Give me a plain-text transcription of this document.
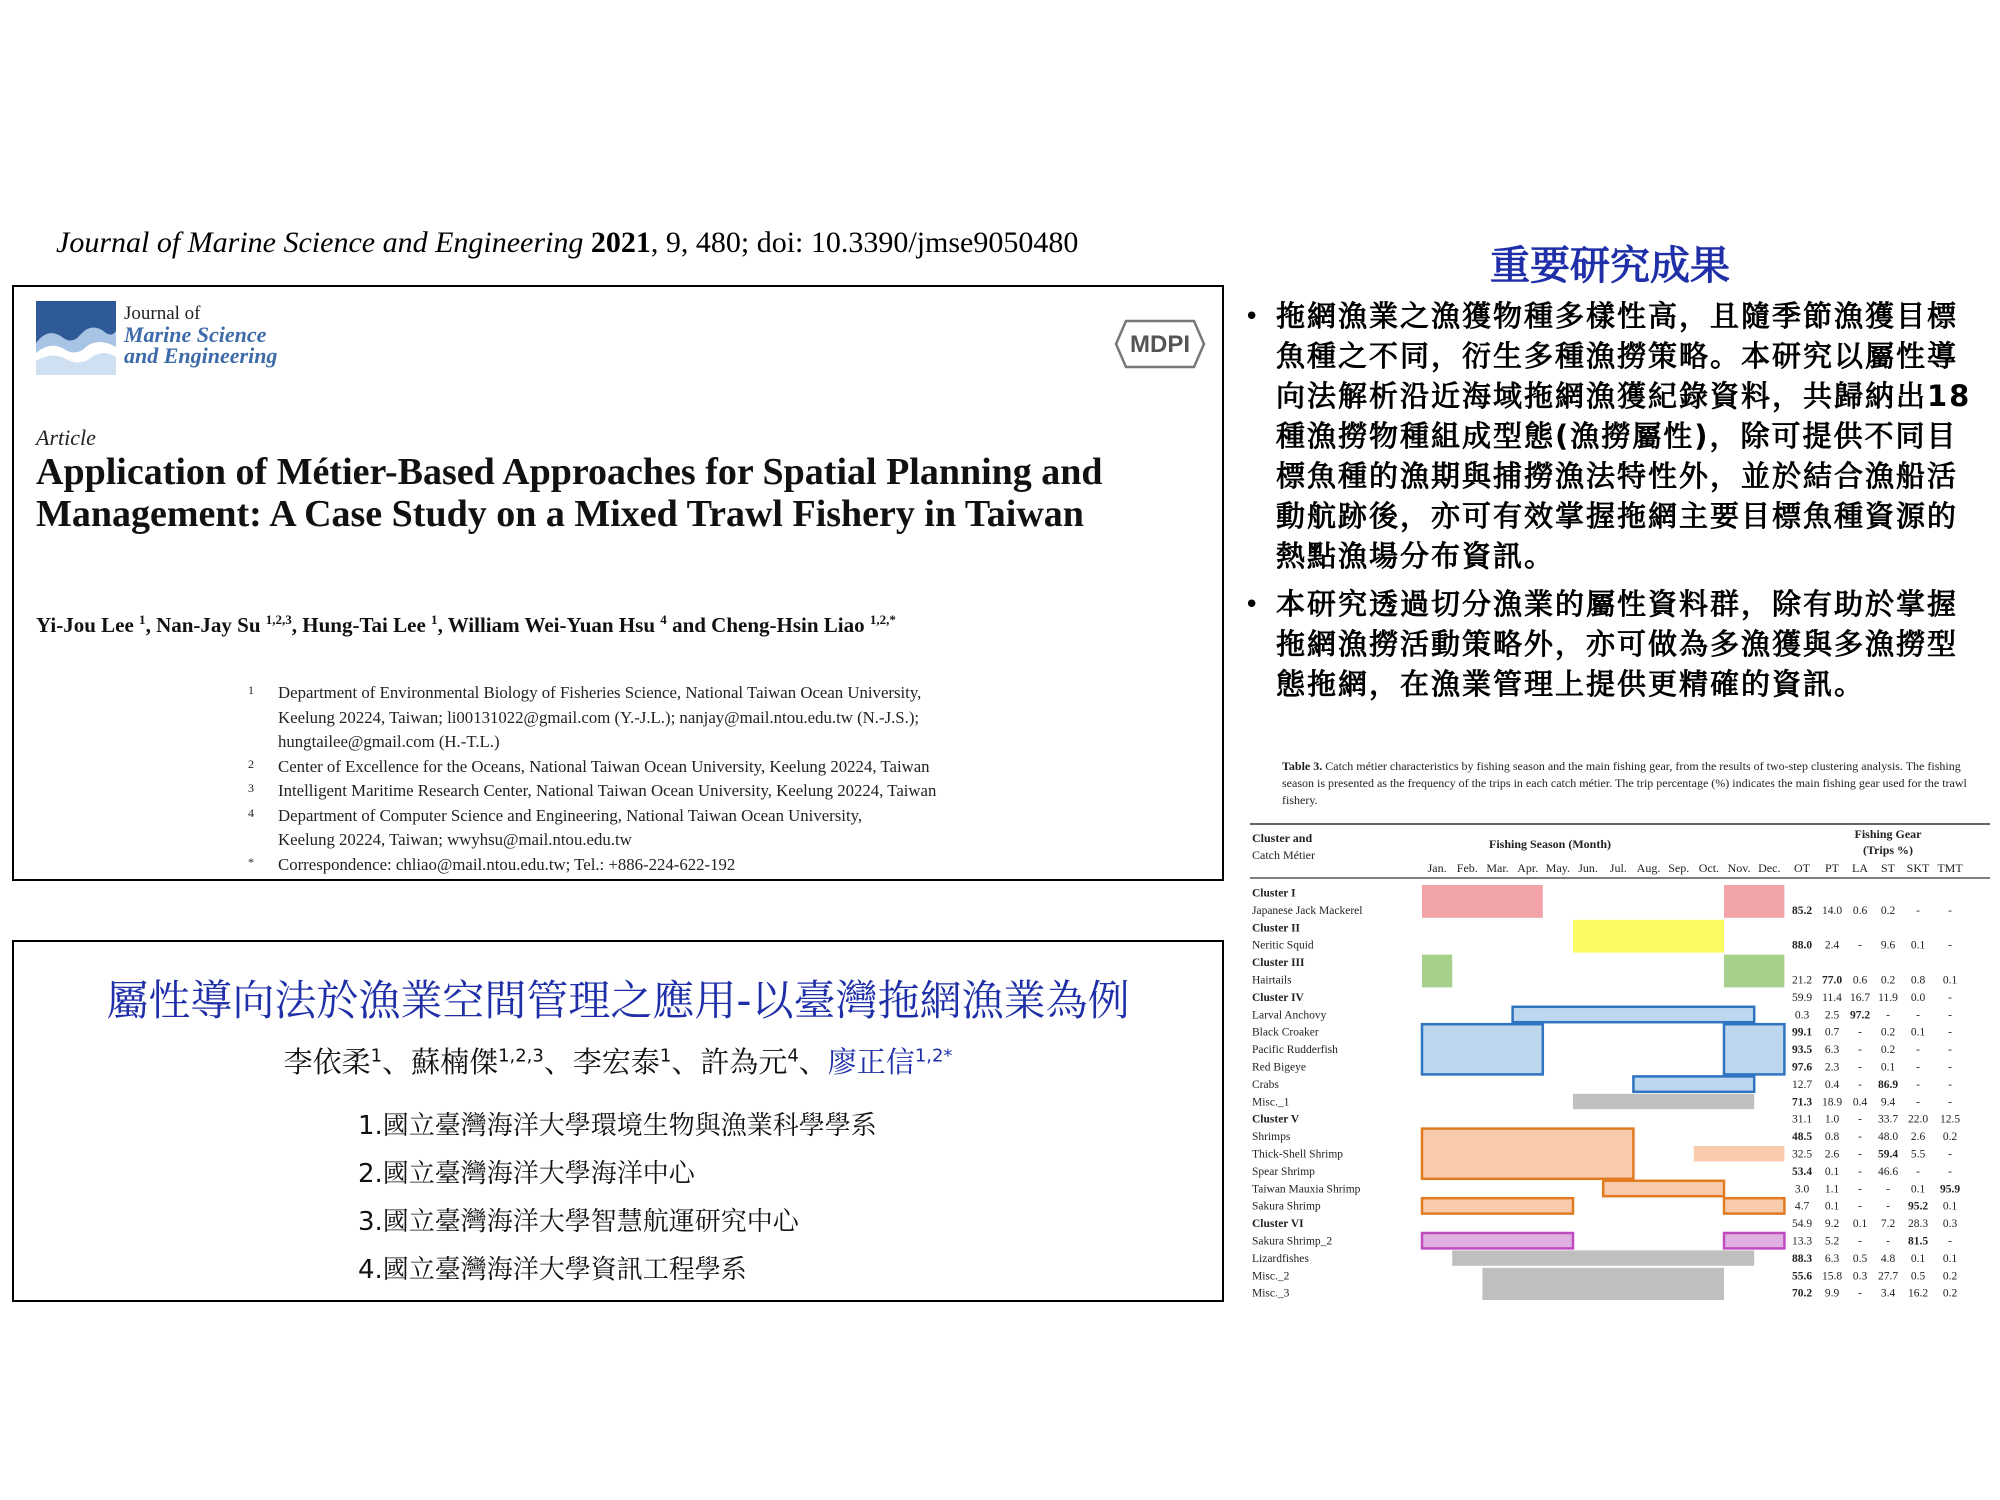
Journal of Marine Science and Engineering 2021, 9, 480; doi: 10.3390/jmse9050480
Journal of
Marine Science
and Engineering	MDPI
Article
Application of Métier-Based Approaches for Spatial Planning and Management: A Case Study on a Mixed Trawl Fishery in Taiwan
Yi-Jou Lee $^1$, Nan-Jay Su $^{1,2,3}$, Hung-Tai Lee $^1$, William Wei-Yuan Hsu $^4$ and Cheng-Hsin Liao $^{1,2,*}$
1 Department of Environmental Biology of Fisheries Science, National Taiwan Ocean University,
Keelung 20224, Taiwan; li00131022@gmail.com (Y.-J.L.); nanjay@mail.ntou.edu.tw (N.-J.S.);
hungtailee@gmail.com (H.-T.L.)
2 Center of Excellence for the Oceans, National Taiwan Ocean University, Keelung 20224, Taiwan
3 Intelligent Maritime Research Center, National Taiwan Ocean University, Keelung 20224, Taiwan
4 Department of Computer Science and Engineering, National Taiwan Ocean University,
Keelung 20224, Taiwan; wwyhsu@mail.ntou.edu.tw
* Correspondence: chliao@mail.ntou.edu.tw; Tel.: +886-224-622-192
屬性導向法於漁業空間管理之應用-以臺灣拖網漁業為例
李依柔$^1$、蘇楠傑$^{1,2,3}$、李宏泰$^1$、許為元$^4$、廖正信$^{1,2*}$
1.國立臺灣海洋大學環境生物與漁業科學學系
2.國立臺灣海洋大學海洋中心
3.國立臺灣海洋大學智慧航運研究中心
4.國立臺灣海洋大學資訊工程學系
重要研究成果
• 拖網漁業之漁獲物種多樣性高，且隨季節漁獲目標魚種之不同，衍生多種漁撈策略。本研究以屬性導向法解析沿近海域拖網漁獲紀錄資料，共歸納出18種漁撈物種組成型態(漁撈屬性)，除可提供不同目標魚種的漁期與捕撈漁法特性外，並於結合漁船活動航跡後，亦可有效掌握拖網主要目標魚種資源的熱點漁場分布資訊。
• 本研究透過切分漁業的屬性資料群，除有助於掌握拖網漁撈活動策略外，亦可做為多漁獲與多漁撈型態拖網，在漁業管理上提供更精確的資訊。
Table 3. Catch métier characteristics by fishing season and the main fishing gear, from the results of two-step clustering analysis. The fishing season is presented as the frequency of the trips in each catch métier. The trip percentage (%) indicates the main fishing gear used for the trawl fishery.
Cluster and
Catch Métier
Fishing Season (Month)
Fishing Gear
(Trips %)
Jan. Feb. Mar. Apr. May. Jun. Jul. Aug. Sep. Oct. Nov. Dec. OT PT LA ST SKT TMT
Cluster I
Japanese Jack Mackerel	85.2 14.0 0.6 0.2 - -
Cluster II
Neritic Squid	88.0 2.4 - 9.6 0.1 -
Cluster III
Hairtails	21.2 77.0 0.6 0.2 0.8 0.1
Cluster IV	59.9 11.4 16.7 11.9 0.0 -
Larval Anchovy	0.3 2.5 97.2 - - -
Black Croaker	99.1 0.7 - 0.2 0.1 -
Pacific Rudderfish	93.5 6.3 - 0.2 - -
Red Bigeye	97.6 2.3 - 0.1 - -
Crabs	12.7 0.4 - 86.9 - -
Misc._1	71.3 18.9 0.4 9.4 - -
Cluster V	31.1 1.0 - 33.7 22.0 12.5
Shrimps	48.5 0.8 - 48.0 2.6 0.2
Thick-Shell Shrimp	32.5 2.6 - 59.4 5.5 -
Spear Shrimp	53.4 0.1 - 46.6 - -
Taiwan Mauxia Shrimp	3.0 1.1 - - 0.1 95.9
Sakura Shrimp	4.7 0.1 - - 95.2 0.1
Cluster VI	54.9 9.2 0.1 7.2 28.3 0.3
Sakura Shrimp_2	13.3 5.2 - - 81.5 -
Lizardfishes	88.3 6.3 0.5 4.8 0.1 0.1
Misc._2	55.6 15.8 0.3 27.7 0.5 0.2
Misc._3	70.2 9.9 - 3.4 16.2 0.2
